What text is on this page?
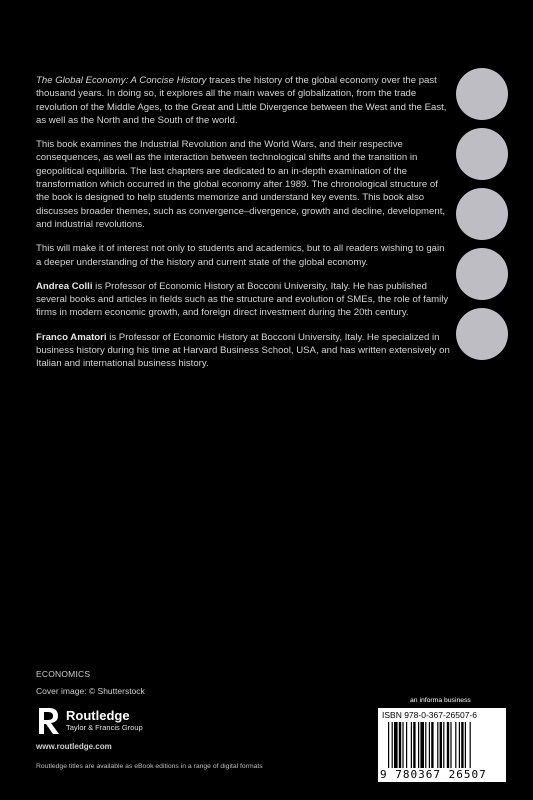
The Global Economy: A Concise History traces the history of the global economy over the past thousand years. In doing so, it explores all the main waves of globalization, from the trade revolution of the Middle Ages, to the Great and Little Divergence between the West and the East, as well as the North and the South of the world.

This book examines the Industrial Revolution and the World Wars, and their respective consequences, as well as the interaction between technological shifts and the transition in geopolitical equilibria. The last chapters are dedicated to an in-depth examination of the transformation which occurred in the global economy after 1989. The chronological structure of the book is designed to help students memorize and understand key events. This book also discusses broader themes, such as convergence–divergence, growth and decline, development, and industrial revolutions.

This will make it of interest not only to students and academics, but to all readers wishing to gain a deeper understanding of the history and current state of the global economy.

Andrea Colli is Professor of Economic History at Bocconi University, Italy. He has published several books and articles in fields such as the structure and evolution of SMEs, the role of family firms in modern economic growth, and foreign direct investment during the 20th century.

Franco Amatori is Professor of Economic History at Bocconi University, Italy. He specialized in business history during his time at Harvard Business School, USA, and has written extensively on Italian and international business history.

ECONOMICS
Cover image: © Shutterstock
Routledge
Taylor & Francis Group
www.routledge.com
Routledge titles are available as eBook editions in a range of digital formats
an informa business
ISBN 978-0-367-26507-6
9 780367 26507
